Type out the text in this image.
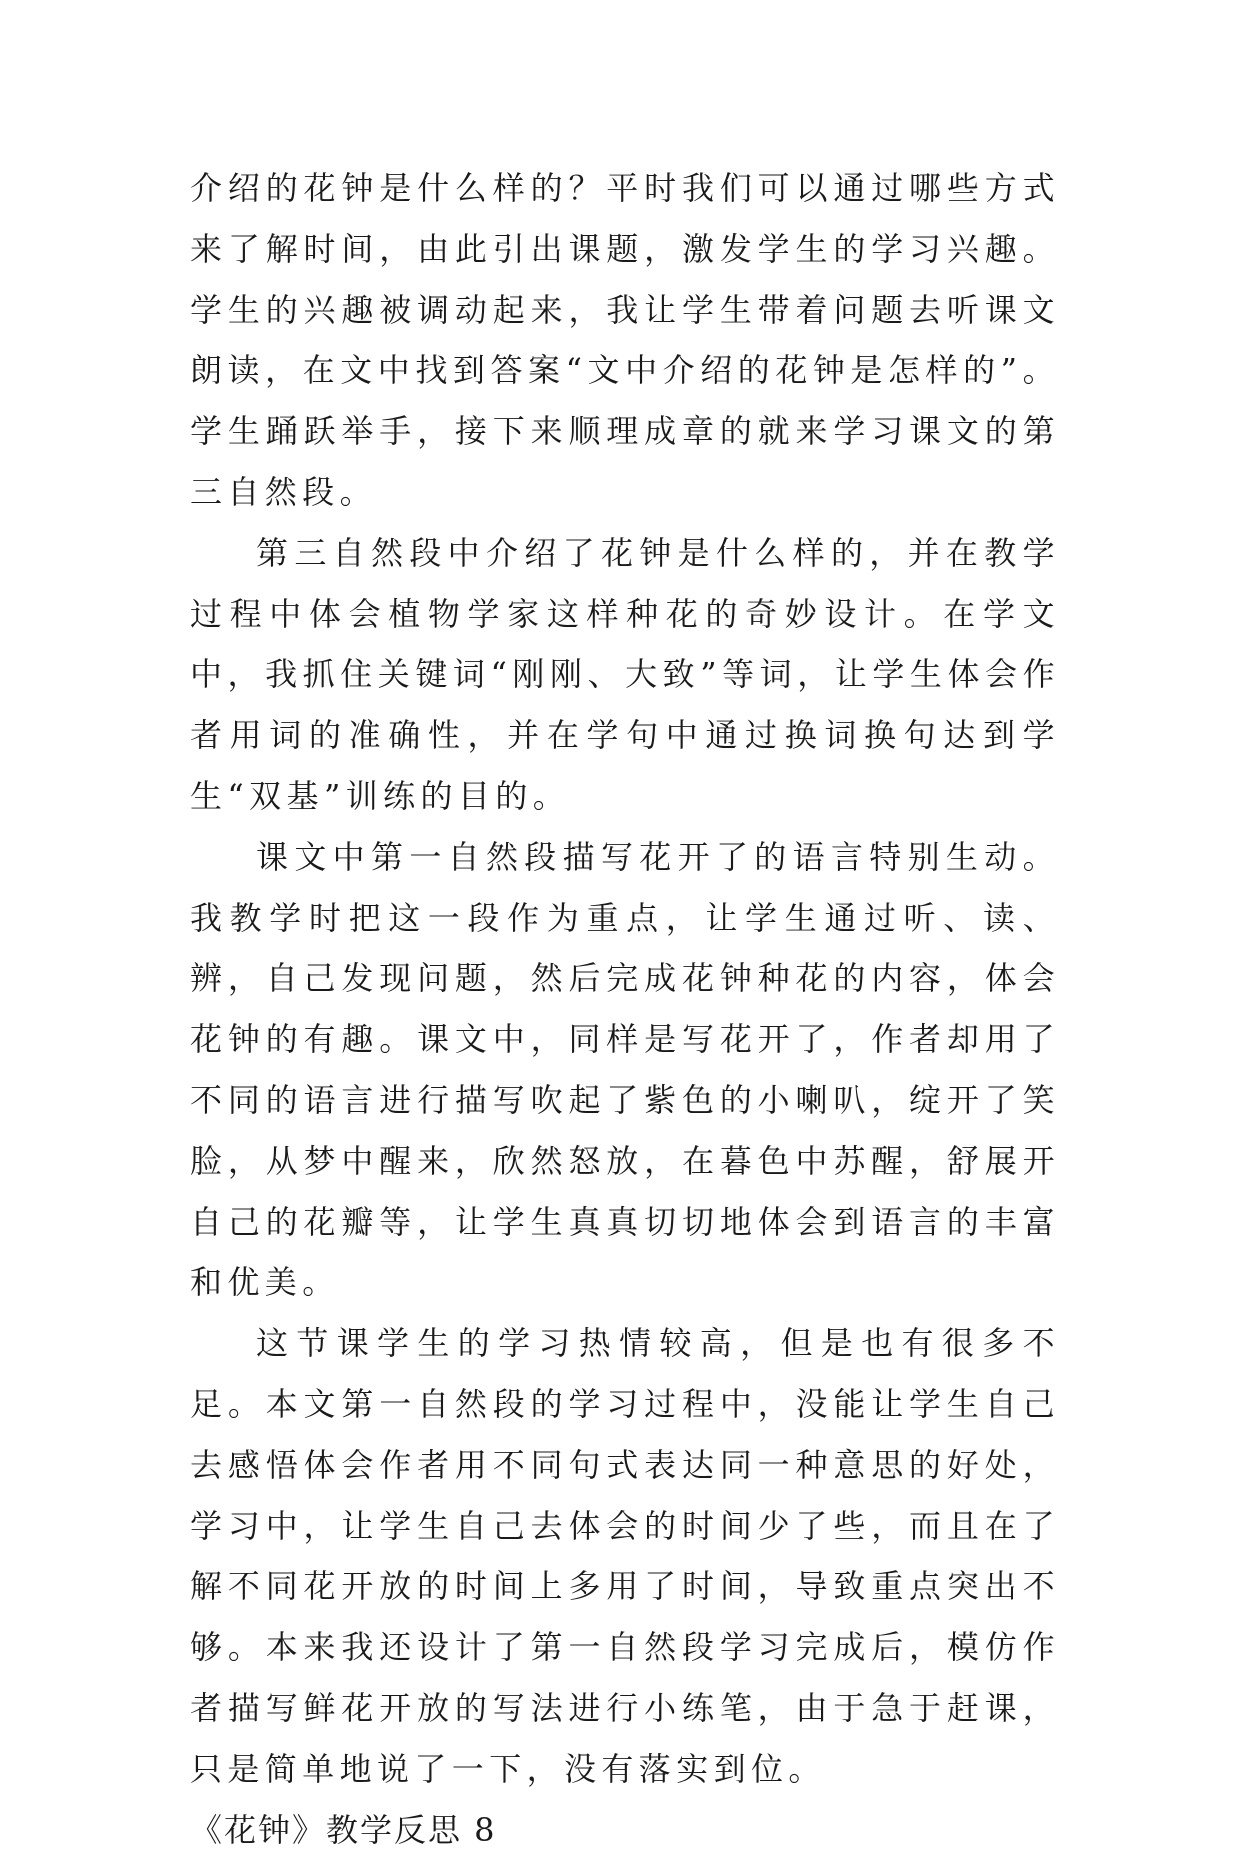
介绍的花钟是什么样的？平时我们可以通过哪些方式来了解时间，由此引出课题，激发学生的学习兴趣。学生的兴趣被调动起来，我让学生带着问题去听课文朗读，在文中找到答案“文中介绍的花钟是怎样的”。学生踊跃举手，接下来顺理成章的就来学习课文的第三自然段。

第三自然段中介绍了花钟是什么样的，并在教学过程中体会植物学家这样种花的奇妙设计。在学文中，我抓住关键词“刚刚、大致”等词，让学生体会作者用词的准确性，并在学句中通过换词换句达到学生“双基”训练的目的。

课文中第一自然段描写花开了的语言特别生动。我教学时把这一段作为重点，让学生通过听、读、辨，自己发现问题，然后完成花钟种花的内容，体会花钟的有趣。课文中，同样是写花开了，作者却用了不同的语言进行描写吹起了紫色的小喇叭，绽开了笑脸，从梦中醒来，欣然怒放，在暮色中苏醒，舒展开自己的花瓣等，让学生真真切切地体会到语言的丰富和优美。

这节课学生的学习热情较高，但是也有很多不足。本文第一自然段的学习过程中，没能让学生自己去感悟体会作者用不同句式表达同一种意思的好处，学习中，让学生自己去体会的时间少了些，而且在了解不同花开放的时间上多用了时间，导致重点突出不够。本来我还设计了第一自然段学习完成后，模仿作者描写鲜花开放的写法进行小练笔，由于急于赶课，只是简单地说了一下，没有落实到位。

《花钟》教学反思 8
